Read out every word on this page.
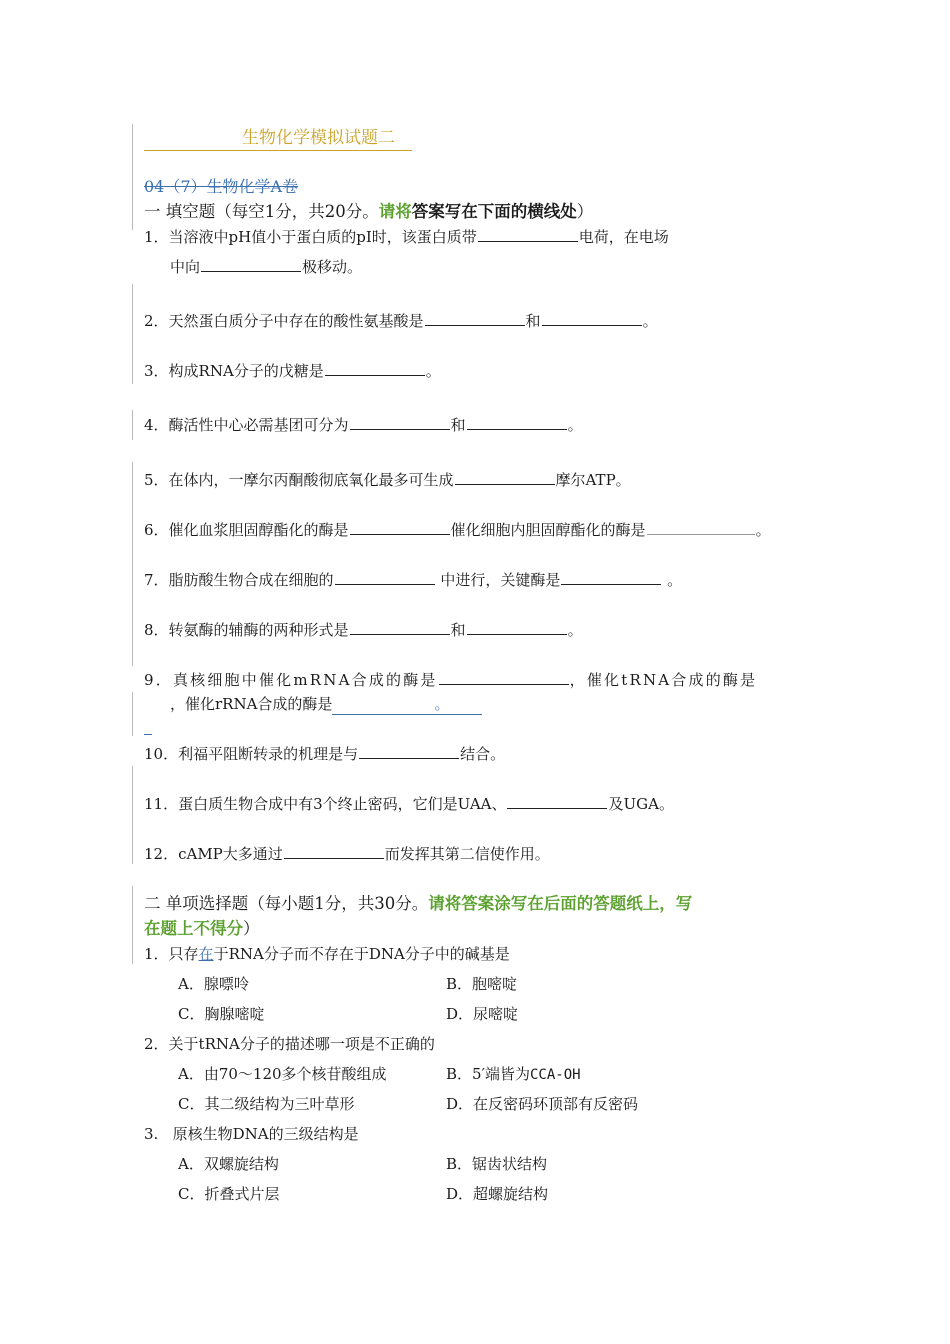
生物化学模拟试题二
04（7）生物化学A卷
一 填空题（每空1分，共20分。请将答案写在下面的横线处）
1．当溶液中pH值小于蛋白质的pI时，该蛋白质带	电荷，在电场
中向	极移动。
2．天然蛋白质分子中存在的酸性氨基酸是	和	。
3．构成RNA分子的戊糖是	。
4．酶活性中心必需基团可分为	和	。
5．在体内，一摩尔丙酮酸彻底氧化最多可生成	摩尔ATP。
6．催化血浆胆固醇酯化的酶是	催化细胞内胆固醇酯化的酶是	。
7．脂肪酸生物合成在细胞的	中进行，关键酶是	。
8．转氨酶的辅酶的两种形式是	和	。
9．真核细胞中催化mRNA合成的酶是	，催化tRNA合成的酶是
，催化rRNA合成的酶是	。
10．利福平阻断转录的机理是与	结合。
11．蛋白质生物合成中有3个终止密码，它们是UAA、	及UGA。
12．cAMP大多通过	而发挥其第二信使作用。
二 单项选择题（每小题1分，共30分。请将答案涂写在后面的答题纸上，写
在题上不得分）
1．只存在于RNA分子而不存在于DNA分子中的碱基是
A．腺嘌呤	B．胞嘧啶
C．胸腺嘧啶	D．尿嘧啶
2．关于tRNA分子的描述哪一项是不正确的
A．由70～120多个核苷酸组成	B．5′端皆为CCA-OH
C．其二级结构为三叶草形	D．在反密码环顶部有反密码
3.   原核生物DNA的三级结构是
A．双螺旋结构	B．锯齿状结构
C．折叠式片层	D．超螺旋结构
